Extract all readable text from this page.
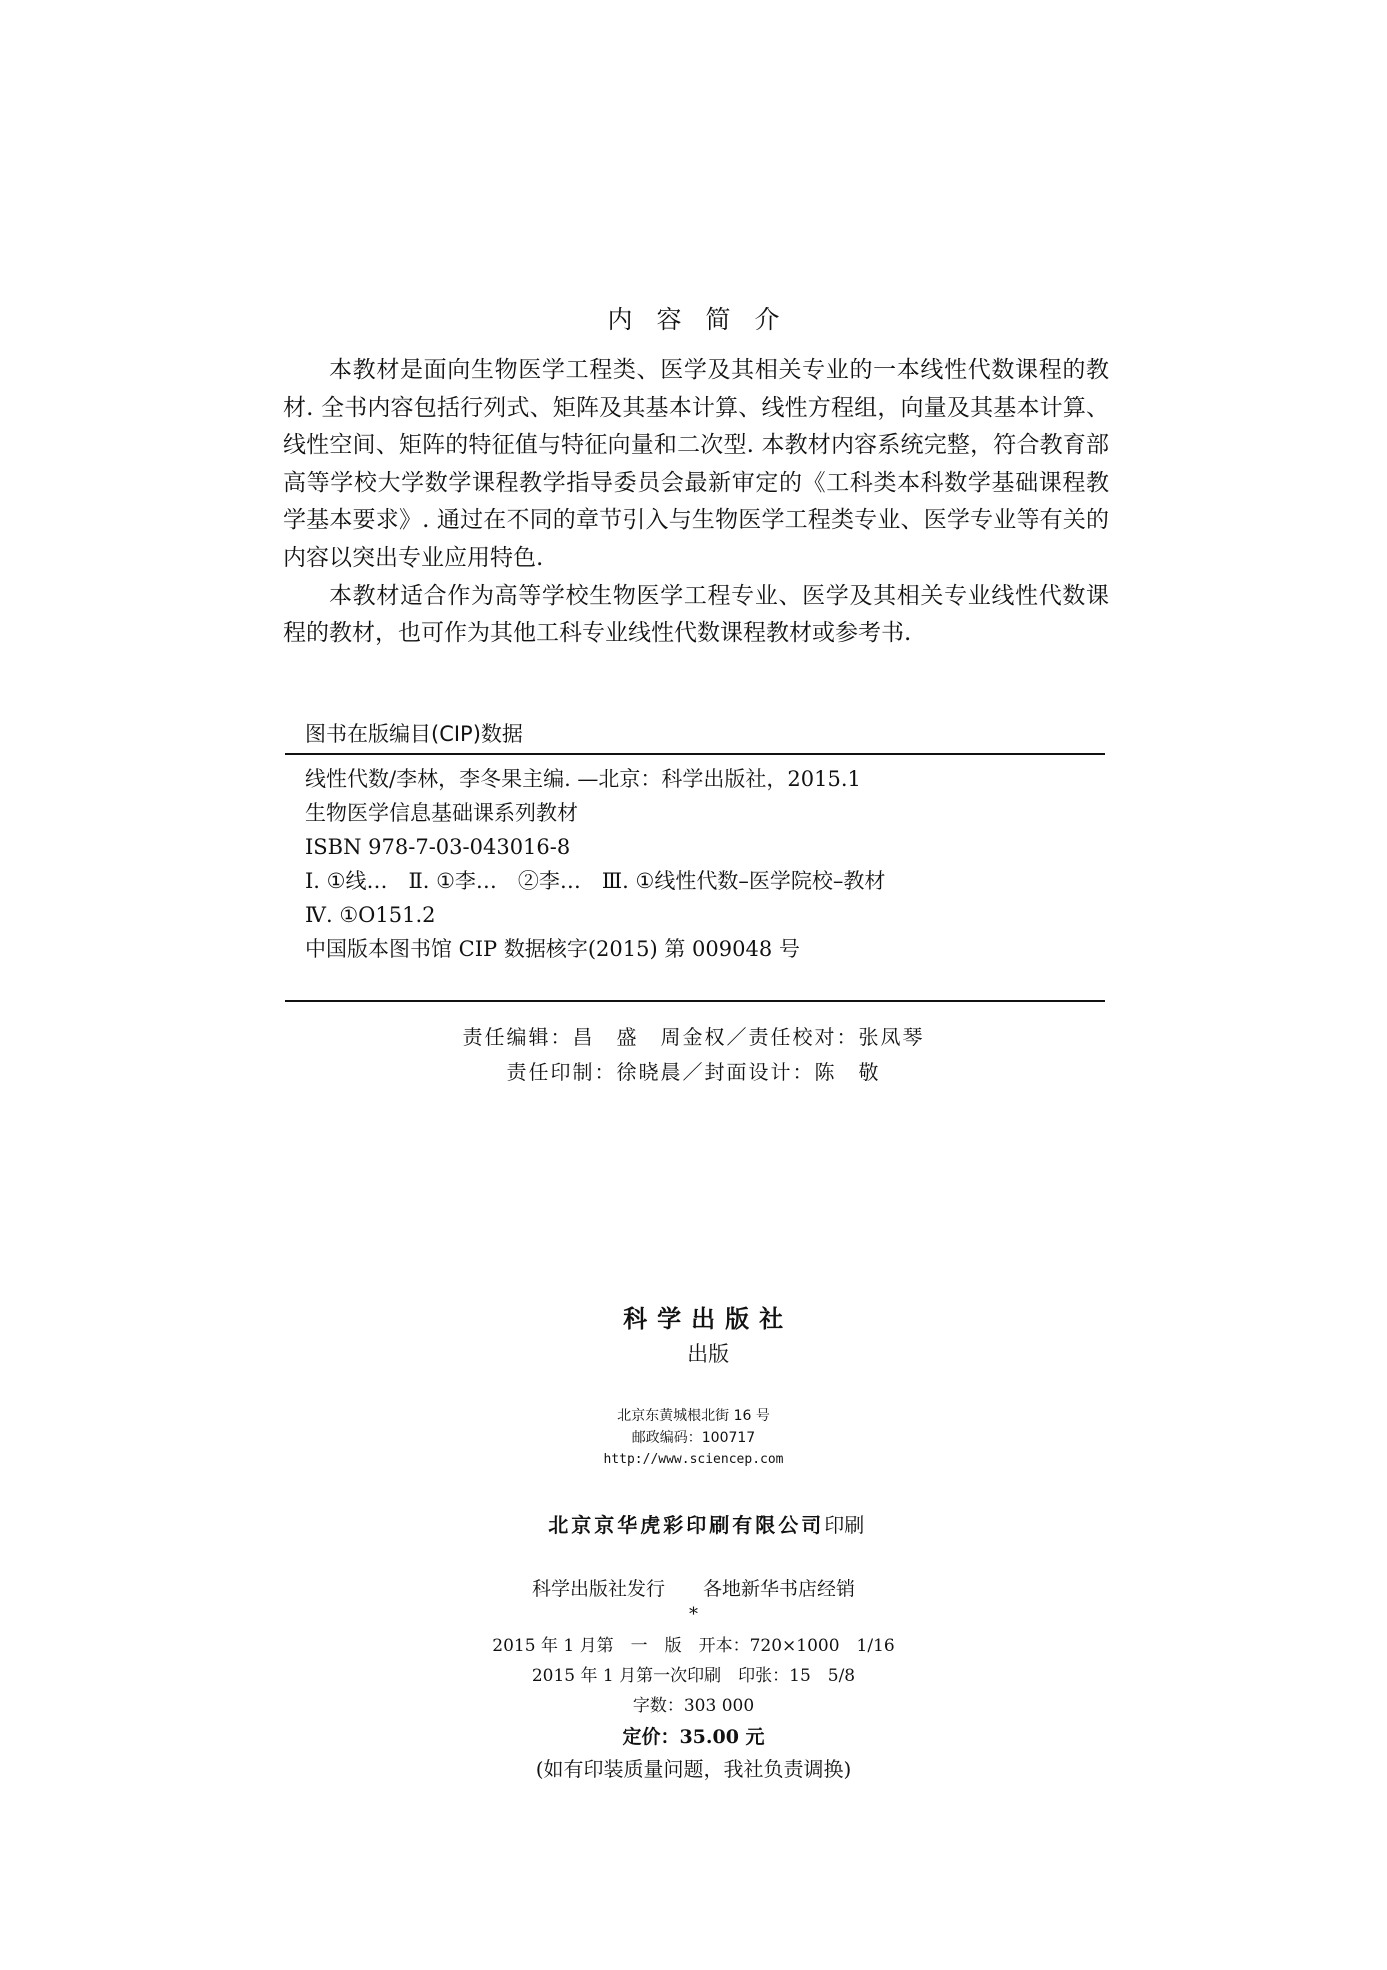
内容简介

本教材是面向生物医学工程类、医学及其相关专业的一本线性代数课程的教材. 全书内容包括行列式、矩阵及其基本计算、线性方程组，向量及其基本计算、线性空间、矩阵的特征值与特征向量和二次型. 本教材内容系统完整，符合教育部高等学校大学数学课程教学指导委员会最新审定的《工科类本科数学基础课程教学基本要求》. 通过在不同的章节引入与生物医学工程类专业、医学专业等有关的内容以突出专业应用特色.

本教材适合作为高等学校生物医学工程专业、医学及其相关专业线性代数课程的教材，也可作为其他工科专业线性代数课程教材或参考书.

图书在版编目(CIP)数据
线性代数/李林，李冬果主编. —北京：科学出版社，2015.1
生物医学信息基础课系列教材
ISBN 978-7-03-043016-8
Ⅰ. ①线…　Ⅱ. ①李…　②李…　Ⅲ. ①线性代数–医学院校–教材
Ⅳ. ①O151.2
中国版本图书馆 CIP 数据核字(2015) 第 009048 号
责任编辑：昌　盛　周金权／责任校对：张凤琴
责任印制：徐晓晨／封面设计：陈　敬

科学出版社
出版

北京东黄城根北街 16 号
邮政编码：100717
http://www.sciencep.com

北京京华虎彩印刷有限公司印刷

科学出版社发行　　各地新华书店经销
*
2015 年 1 月第　一　版　开本：720×1000　1/16
2015 年 1 月第一次印刷　印张：15　5/8
字数：303 000
定价：35.00 元
(如有印装质量问题，我社负责调换)
